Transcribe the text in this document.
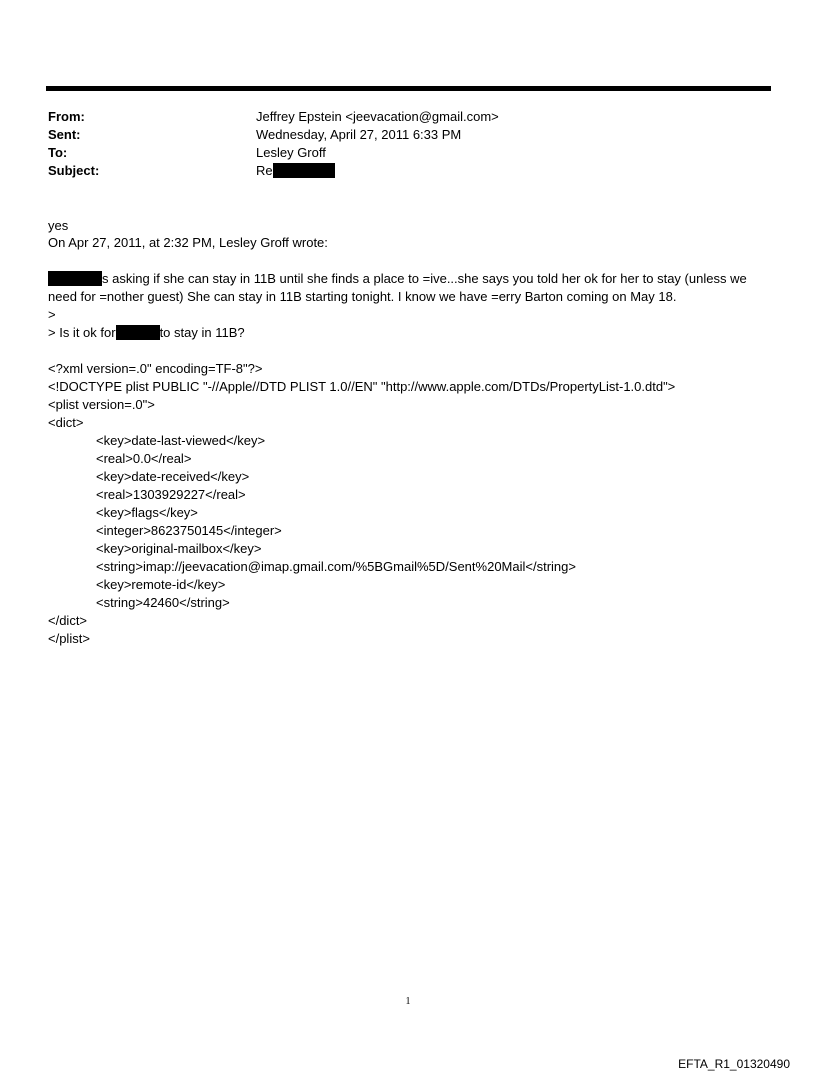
From:	Jeffrey Epstein <jeevacation@gmail.com>
Sent:	Wednesday, April 27, 2011 6:33 PM
To:	Lesley Groff
Subject:	Re
yes
On Apr 27, 2011, at 2:32 PM, Lesley Groff wrote:
s asking if she can stay in 11B until she finds a place to =ive...she says you told her ok for her to stay (unless we
need for =nother guest) She can stay in 11B starting tonight. I know we have =erry Barton coming on May 18.
>
> Is it ok for	to stay in 11B?
<?xml version=.0" encoding=TF-8"?>
<!DOCTYPE plist PUBLIC "-//Apple//DTD PLIST 1.0//EN" "http://www.apple.com/DTDs/PropertyList-1.0.dtd">
<plist version=.0">
<dict>
<key>date-last-viewed</key>
<real>0.0</real>
<key>date-received</key>
<real>1303929227</real>
<key>flags</key>
<integer>8623750145</integer>
<key>original-mailbox</key>
<string>imap://jeevacation@imap.gmail.com/%5BGmail%5D/Sent%20Mail</string>
<key>remote-id</key>
<string>42460</string>
</dict>
</plist>
1
EFTA_R1_01320490
